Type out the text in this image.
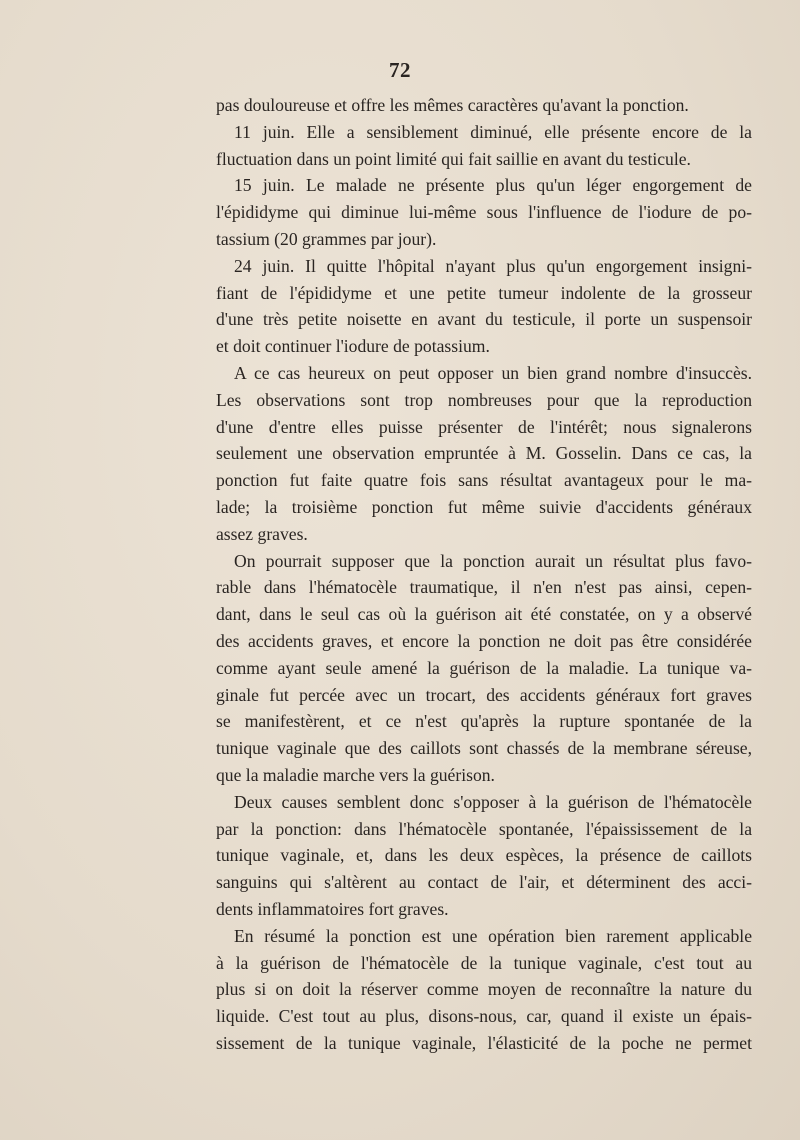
72
pas douloureuse et offre les mêmes caractères qu'avant la ponction.
11 juin. Elle a sensiblement diminué, elle présente encore de la
fluctuation dans un point limité qui fait saillie en avant du testicule.
15 juin. Le malade ne présente plus qu'un léger engorgement de
l'épididyme qui diminue lui-même sous l'influence de l'iodure de po-
tassium (20 grammes par jour).
24 juin. Il quitte l'hôpital n'ayant plus qu'un engorgement insigni-
fiant de l'épididyme et une petite tumeur indolente de la grosseur
d'une très petite noisette en avant du testicule, il porte un suspensoir
et doit continuer l'iodure de potassium.
A ce cas heureux on peut opposer un bien grand nombre d'insuccès.
Les observations sont trop nombreuses pour que la reproduction
d'une d'entre elles puisse présenter de l'intérêt; nous signalerons
seulement une observation empruntée à M. Gosselin. Dans ce cas, la
ponction fut faite quatre fois sans résultat avantageux pour le ma-
lade; la troisième ponction fut même suivie d'accidents généraux
assez graves.
On pourrait supposer que la ponction aurait un résultat plus favo-
rable dans l'hématocèle traumatique, il n'en n'est pas ainsi, cepen-
dant, dans le seul cas où la guérison ait été constatée, on y a observé
des accidents graves, et encore la ponction ne doit pas être considérée
comme ayant seule amené la guérison de la maladie. La tunique va-
ginale fut percée avec un trocart, des accidents généraux fort graves
se manifestèrent, et ce n'est qu'après la rupture spontanée de la
tunique vaginale que des caillots sont chassés de la membrane séreuse,
que la maladie marche vers la guérison.
Deux causes semblent donc s'opposer à la guérison de l'hématocèle
par la ponction: dans l'hématocèle spontanée, l'épaississement de la
tunique vaginale, et, dans les deux espèces, la présence de caillots
sanguins qui s'altèrent au contact de l'air, et déterminent des acci-
dents inflammatoires fort graves.
En résumé la ponction est une opération bien rarement applicable
à la guérison de l'hématocèle de la tunique vaginale, c'est tout au
plus si on doit la réserver comme moyen de reconnaître la nature du
liquide. C'est tout au plus, disons-nous, car, quand il existe un épais-
sissement de la tunique vaginale, l'élasticité de la poche ne permet
